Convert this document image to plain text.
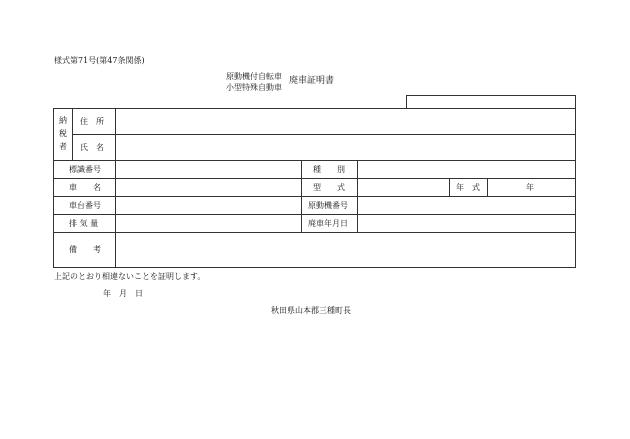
様式第71号(第47条関係)
原動機付自転車
小型特殊自動車
廃車証明書
納
税
者
住　所
氏　名
標識番号	種　　別
車　　名	型　　式	年　式	年
車台番号	原動機番号
排 気 量	廃車年月日
備　　考
上記のとおり相違ないことを証明します。
年　月　日
秋田県山本郡三種町長
